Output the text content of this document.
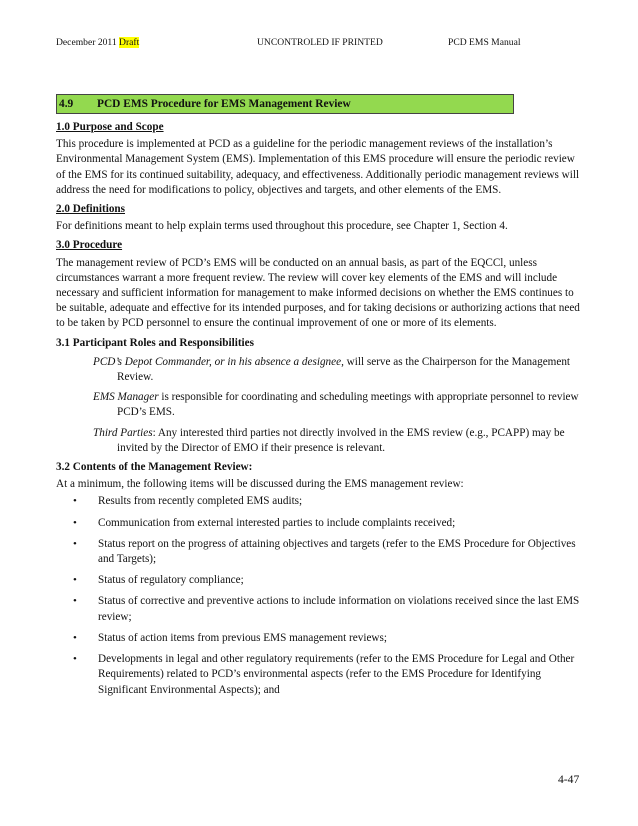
December 2011 Draft	UNCONTROLED IF PRINTED	PCD EMS Manual
4.9 PCD EMS Procedure for EMS Management Review

1.0 Purpose and Scope

This procedure is implemented at PCD as a guideline for the periodic management reviews of the installation’s Environmental Management System (EMS). Implementation of this EMS procedure will ensure the periodic review of the EMS for its continued suitability, adequacy, and effectiveness. Additionally periodic management reviews will address the need for modifications to policy, objectives and targets, and other elements of the EMS.

2.0 Definitions

For definitions meant to help explain terms used throughout this procedure, see Chapter 1, Section 4.

3.0 Procedure

The management review of PCD’s EMS will be conducted on an annual basis, as part of the EQCCl, unless circumstances warrant a more frequent review. The review will cover key elements of the EMS and will include necessary and sufficient information for management to make informed decisions on whether the EMS continues to be suitable, adequate and effective for its intended purposes, and for taking decisions or authorizing actions that need to be taken by PCD personnel to ensure the continual improvement of one or more of its elements.

3.1 Participant Roles and Responsibilities

PCD’s Depot Commander, or in his absence a designee, will serve as the Chairperson for the Management Review.

EMS Manager is responsible for coordinating and scheduling meetings with appropriate personnel to review PCD’s EMS.

Third Parties: Any interested third parties not directly involved in the EMS review (e.g., PCAPP) may be invited by the Director of EMO if their presence is relevant.

3.2 Contents of the Management Review:

At a minimum, the following items will be discussed during the EMS management review:

• Results from recently completed EMS audits;
• Communication from external interested parties to include complaints received;
• Status report on the progress of attaining objectives and targets (refer to the EMS Procedure for Objectives and Targets);
• Status of regulatory compliance;
• Status of corrective and preventive actions to include information on violations received since the last EMS review;
• Status of action items from previous EMS management reviews;
• Developments in legal and other regulatory requirements (refer to the EMS Procedure for Legal and Other Requirements) related to PCD’s environmental aspects (refer to the EMS Procedure for Identifying Significant Environmental Aspects); and
4-47
